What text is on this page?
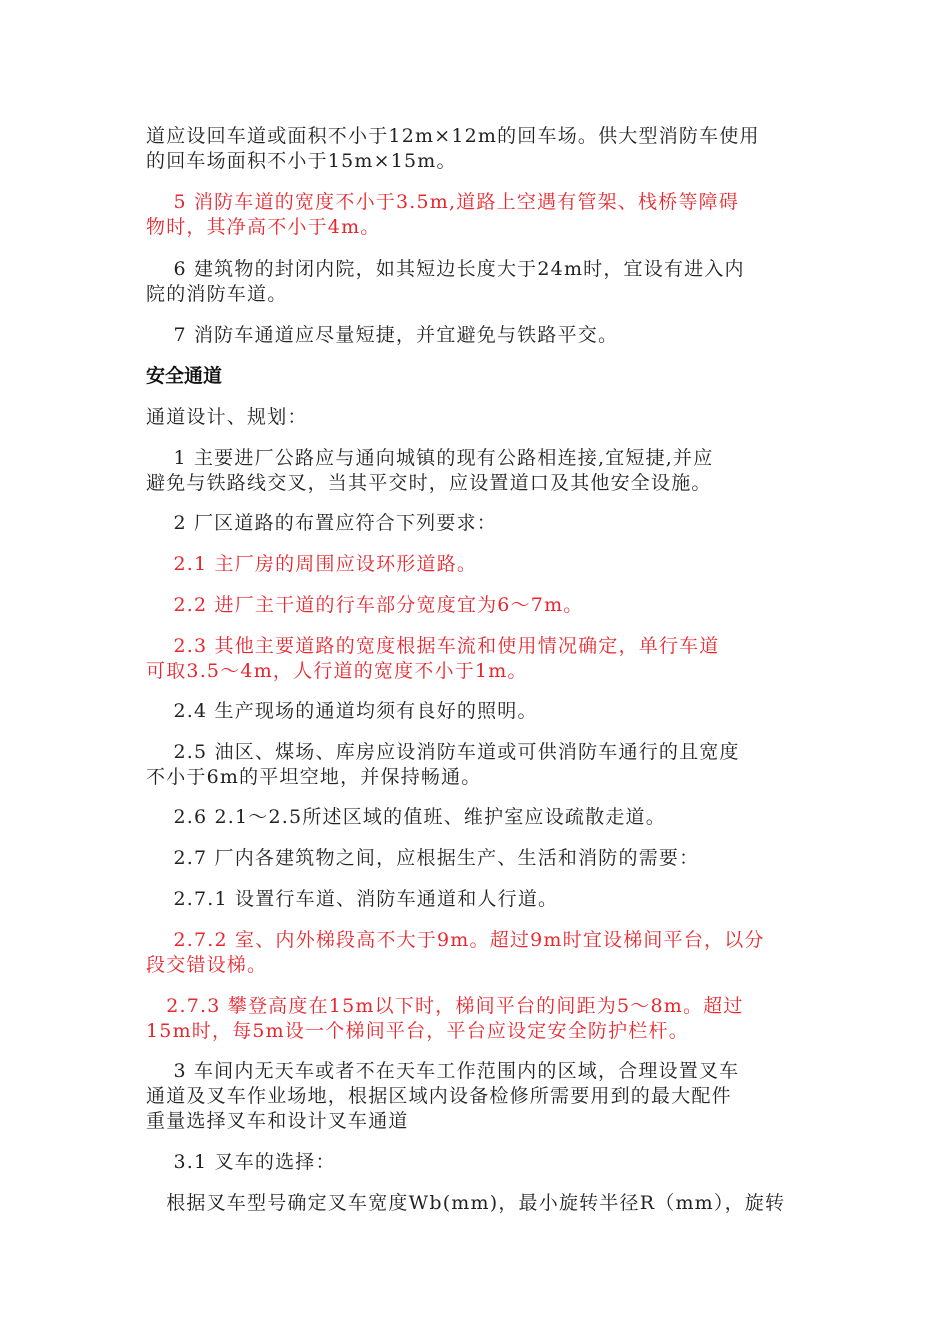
道应设回车道或面积不小于12m×12m的回车场。供大型消防车使用

的回车场面积不小于15m×15m。

　 5 消防车道的宽度不小于3.5m,道路上空遇有管架、栈桥等障碍

物时，其净高不小于4m。

　 6 建筑物的封闭内院，如其短边长度大于24m时，宜设有进入内

院的消防车道。

　 7 消防车通道应尽量短捷，并宜避免与铁路平交。

安全通道

通道设计、规划：

　 1 主要进厂公路应与通向城镇的现有公路相连接,宜短捷,并应

避免与铁路线交叉，当其平交时，应设置道口及其他安全设施。

　 2 厂区道路的布置应符合下列要求：

　 2.1 主厂房的周围应设环形道路。

　 2.2 进厂主干道的行车部分宽度宜为6～7m。

　 2.3 其他主要道路的宽度根据车流和使用情况确定，单行车道

可取3.5～4m，人行道的宽度不小于1m。

　 2.4 生产现场的通道均须有良好的照明。

　 2.5 油区、煤场、库房应设消防车道或可供消防车通行的且宽度

不小于6m的平坦空地，并保持畅通。

　 2.6 2.1～2.5所述区域的值班、维护室应设疏散走道。

　 2.7 厂内各建筑物之间，应根据生产、生活和消防的需要：

　 2.7.1 设置行车道、消防车通道和人行道。

　 2.7.2 室、内外梯段高不大于9m。超过9m时宜设梯间平台，以分

段交错设梯。

　2.7.3 攀登高度在15m以下时，梯间平台的间距为5～8m。超过

15m时，每5m设一个梯间平台，平台应设定安全防护栏杆。

　 3 车间内无天车或者不在天车工作范围内的区域，合理设置叉车

通道及叉车作业场地，根据区域内设备检修所需要用到的最大配件

重量选择叉车和设计叉车通道

　 3.1 叉车的选择：

　根据叉车型号确定叉车宽度Wb(mm)，最小旋转半径R（mm），旋转
